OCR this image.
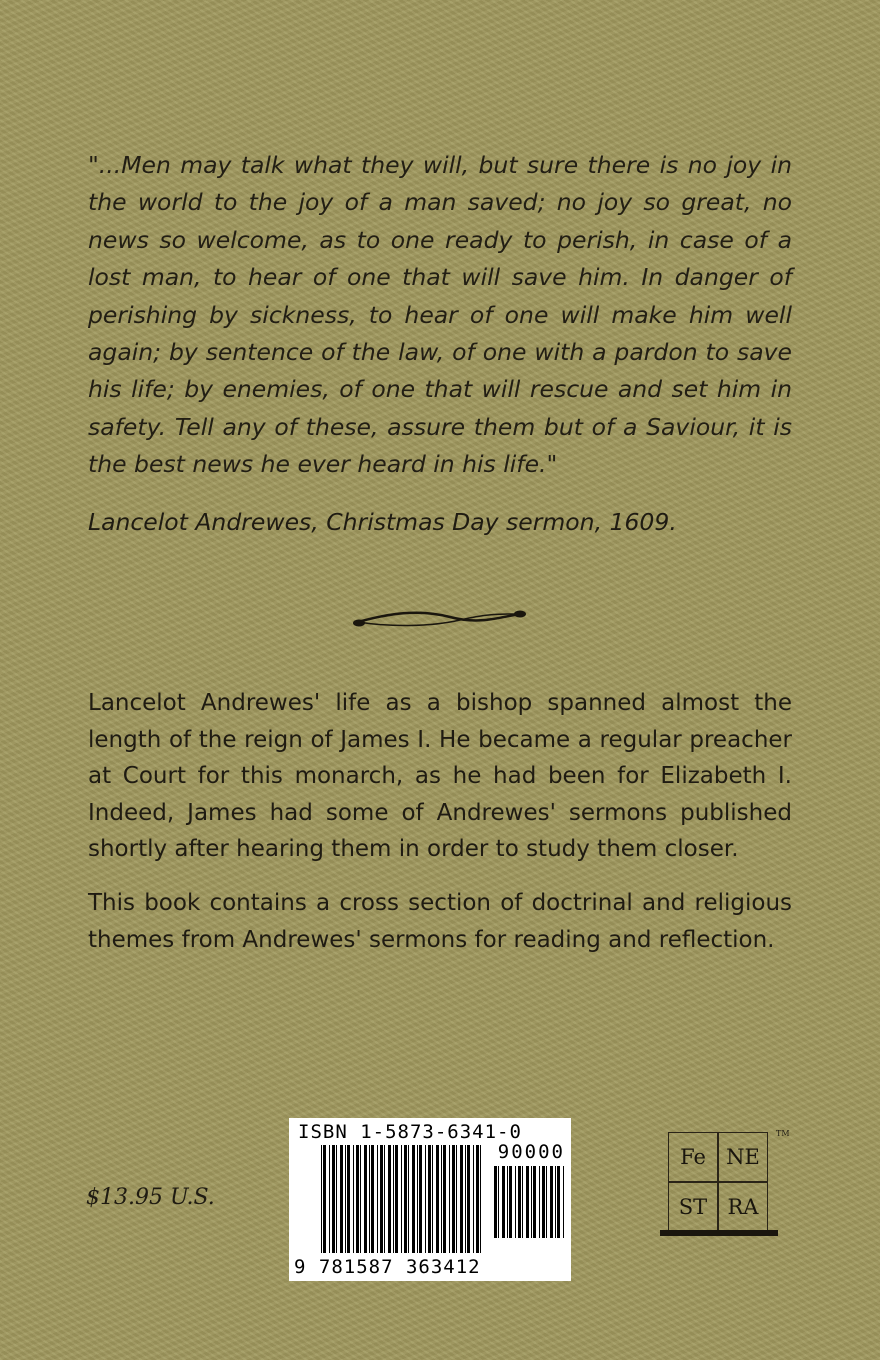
"...Men may talk what they will, but sure there is no joy in the world to the joy of a man saved; no joy so great, no news so welcome, as to one ready to perish, in case of a lost man, to hear of one that will save him. In danger of perishing by sickness, to hear of one will make him well again; by sentence of the law, of one with a pardon to save his life; by enemies, of one that will rescue and set him in safety. Tell any of these, assure them but of a Saviour, it is the best news he ever heard in his life."
Lancelot Andrewes, Christmas Day sermon, 1609.

Lancelot Andrewes' life as a bishop spanned almost the length of the reign of James I. He became a regular preacher at Court for this monarch, as he had been for Elizabeth I. Indeed, James had some of Andrewes' sermons published shortly after hearing them in order to study them closer.

This book contains a cross section of doctrinal and religious themes from Andrewes' sermons for reading and reflection.

$13.95 U.S.
ISBN 1-5873-6341-0
90000
9 781587 363412
Fe NE
ST RA
TM
